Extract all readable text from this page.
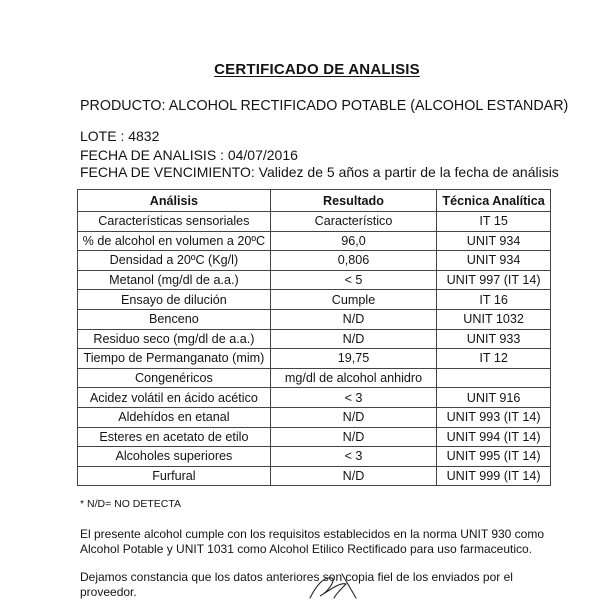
CERTIFICADO DE ANALISIS
PRODUCTO: ALCOHOL RECTIFICADO POTABLE (ALCOHOL ESTANDAR)
LOTE : 4832
FECHA DE ANALISIS : 04/07/2016
FECHA DE VENCIMIENTO: Validez de 5 años a partir de la fecha de análisis
Análisis	Resultado	Técnica Analítica
Características sensoriales	Característico	IT 15
% de alcohol en volumen a 20ºC	96,0	UNIT 934
Densidad a 20ºC (Kg/l)	0,806	UNIT 934
Metanol (mg/dl de a.a.)	< 5	UNIT 997 (IT 14)
Ensayo de dilución	Cumple	IT 16
Benceno	N/D	UNIT 1032
Residuo seco (mg/dl de a.a.)	N/D	UNIT 933
Tiempo de Permanganato (mim)	19,75	IT 12
Congenéricos	mg/dl de alcohol anhidro	
Acidez volátil en ácido acético	< 3	UNIT 916
Aldehídos en etanal	N/D	UNIT 993 (IT 14)
Esteres en acetato de etilo	N/D	UNIT 994 (IT 14)
Alcoholes superiores	< 3	UNIT 995 (IT 14)
Furfural	N/D	UNIT 999 (IT 14)
* N/D= NO DETECTA
El presente alcohol cumple con los requisitos establecidos en la norma UNIT 930 como Alcohol Potable y UNIT 1031 como Alcohol Etilico Rectificado para uso farmaceutico.
Dejamos constancia que los datos anteriores son copia fiel de los enviados por el proveedor.
